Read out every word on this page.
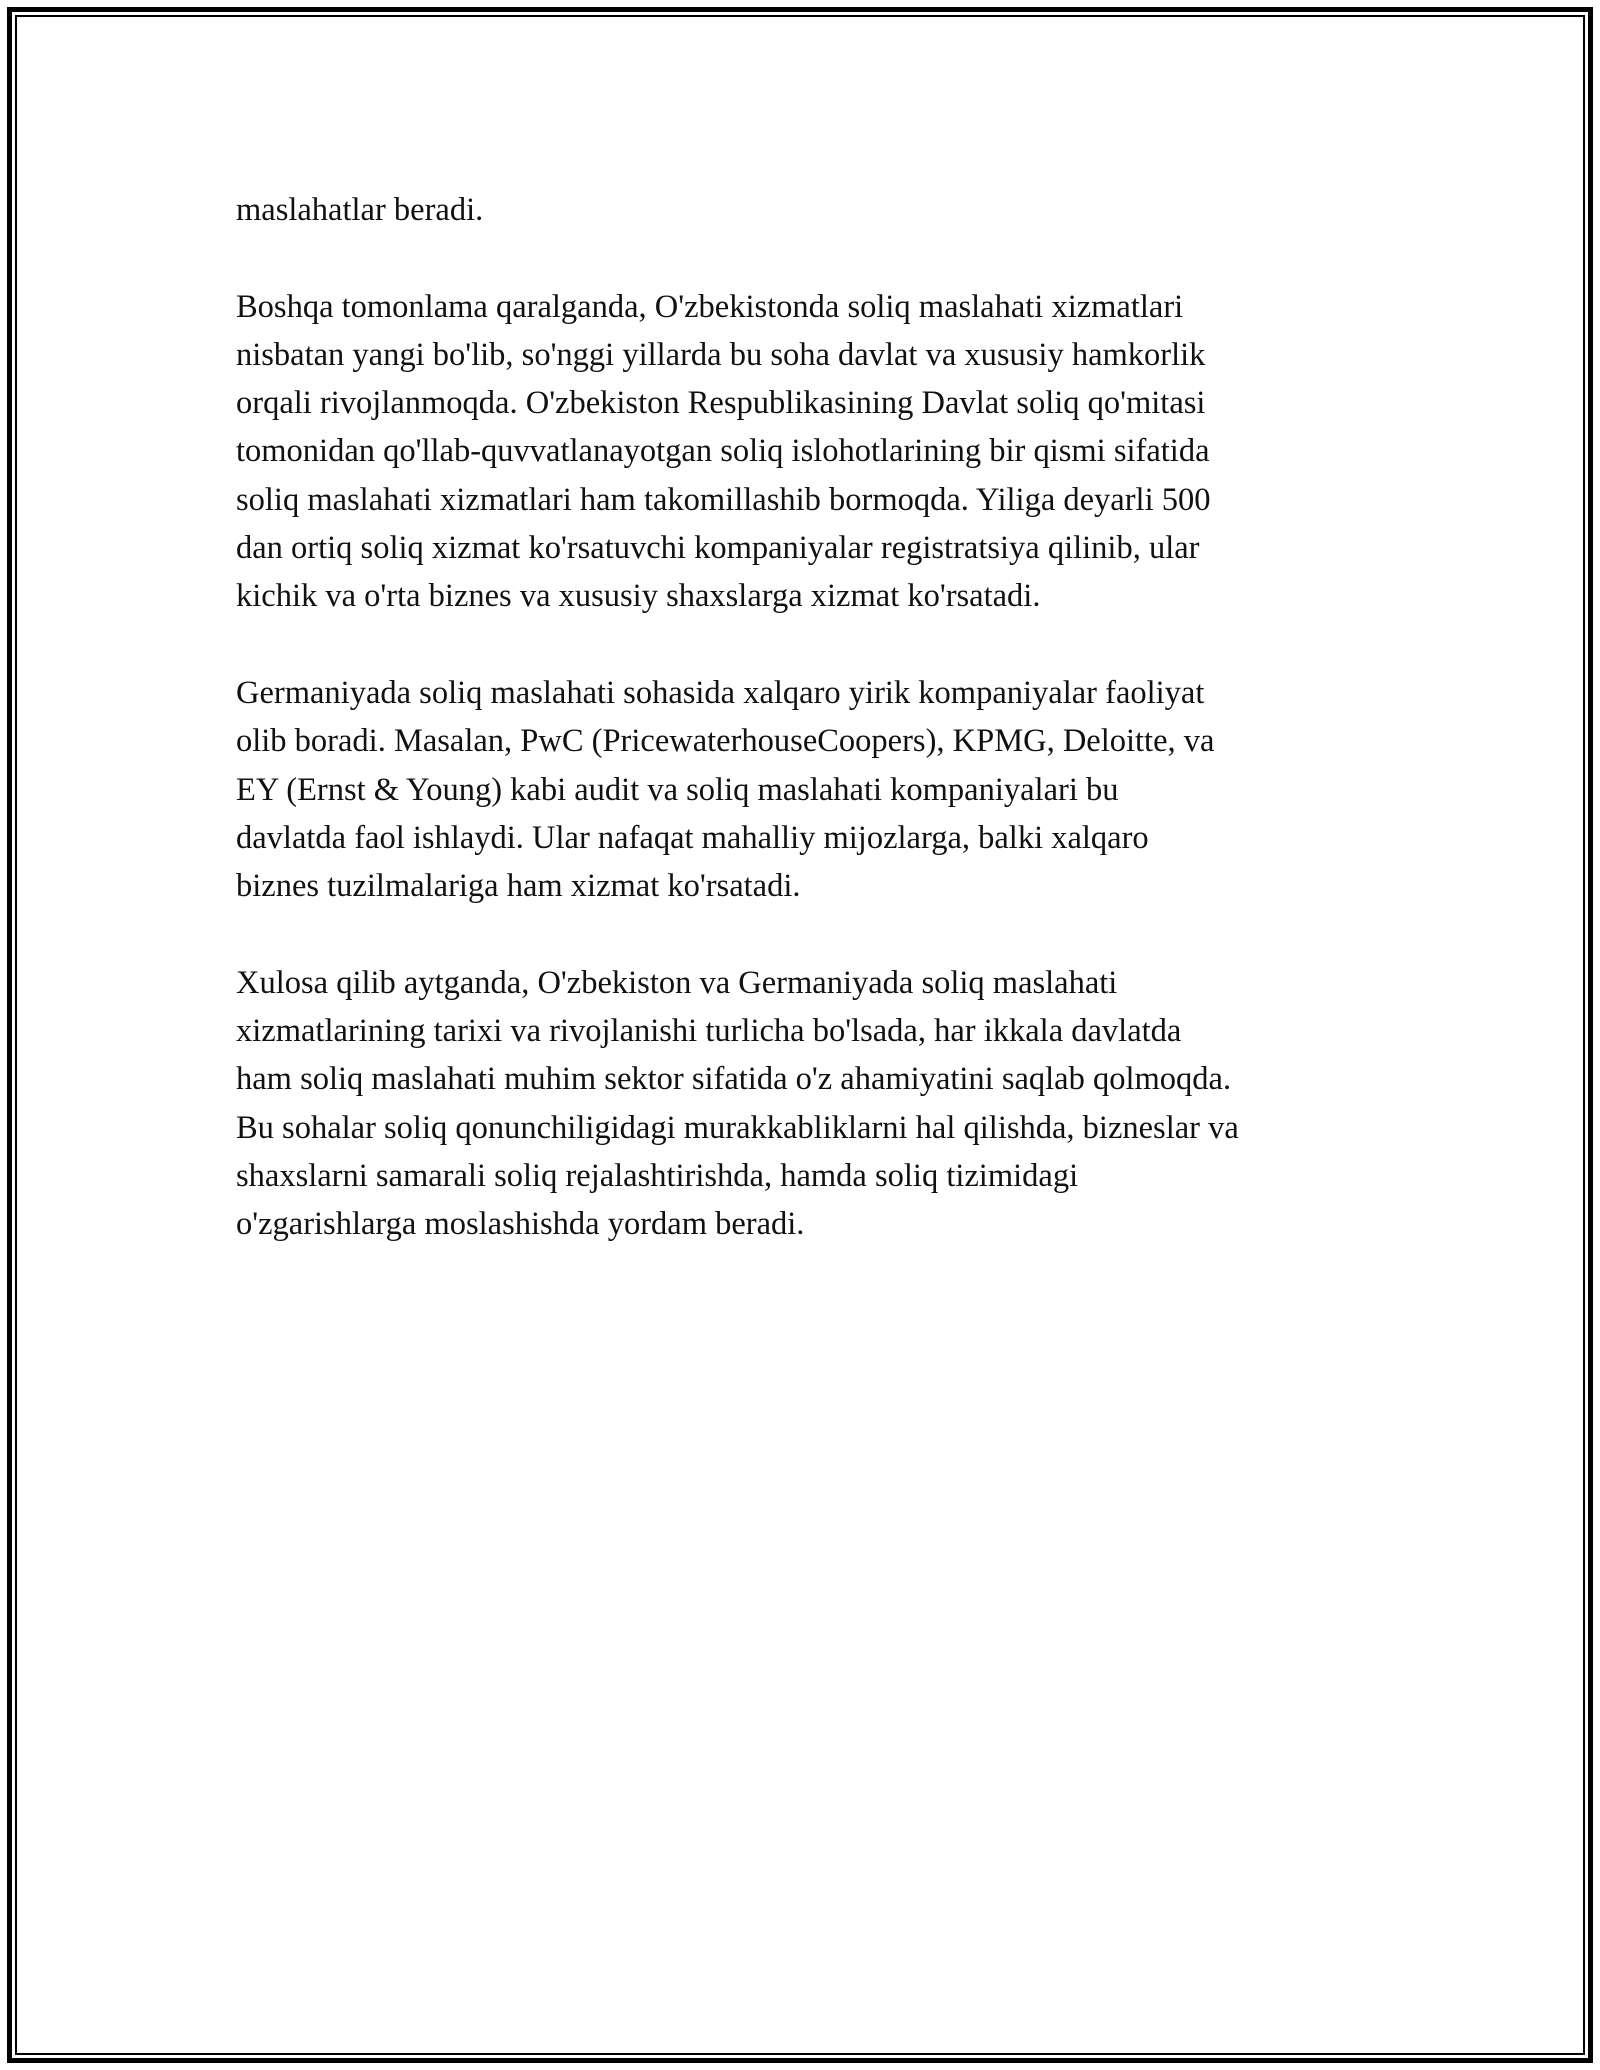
maslahatlar beradi.
Boshqa tomonlama qaralganda, O'zbekistonda soliq maslahati xizmatlari
nisbatan yangi bo'lib, so'nggi yillarda bu soha davlat va xususiy hamkorlik
orqali rivojlanmoqda. O'zbekiston Respublikasining Davlat soliq qo'mitasi
tomonidan qo'llab-quvvatlanayotgan soliq islohotlarining bir qismi sifatida
soliq maslahati xizmatlari ham takomillashib bormoqda. Yiliga deyarli 500
dan ortiq soliq xizmat ko'rsatuvchi kompaniyalar registratsiya qilinib, ular
kichik va o'rta biznes va xususiy shaxslarga xizmat ko'rsatadi.
Germaniyada soliq maslahati sohasida xalqaro yirik kompaniyalar faoliyat
olib boradi. Masalan, PwC (PricewaterhouseCoopers), KPMG, Deloitte, va
EY (Ernst & Young) kabi audit va soliq maslahati kompaniyalari bu
davlatda faol ishlaydi. Ular nafaqat mahalliy mijozlarga, balki xalqaro
biznes tuzilmalariga ham xizmat ko'rsatadi.
Xulosa qilib aytganda, O'zbekiston va Germaniyada soliq maslahati
xizmatlarining tarixi va rivojlanishi turlicha bo'lsada, har ikkala davlatda
ham soliq maslahati muhim sektor sifatida o'z ahamiyatini saqlab qolmoqda.
Bu sohalar soliq qonunchiligidagi murakkabliklarni hal qilishda, bizneslar va
shaxslarni samarali soliq rejalashtirishda, hamda soliq tizimidagi
o'zgarishlarga moslashishda yordam beradi.
